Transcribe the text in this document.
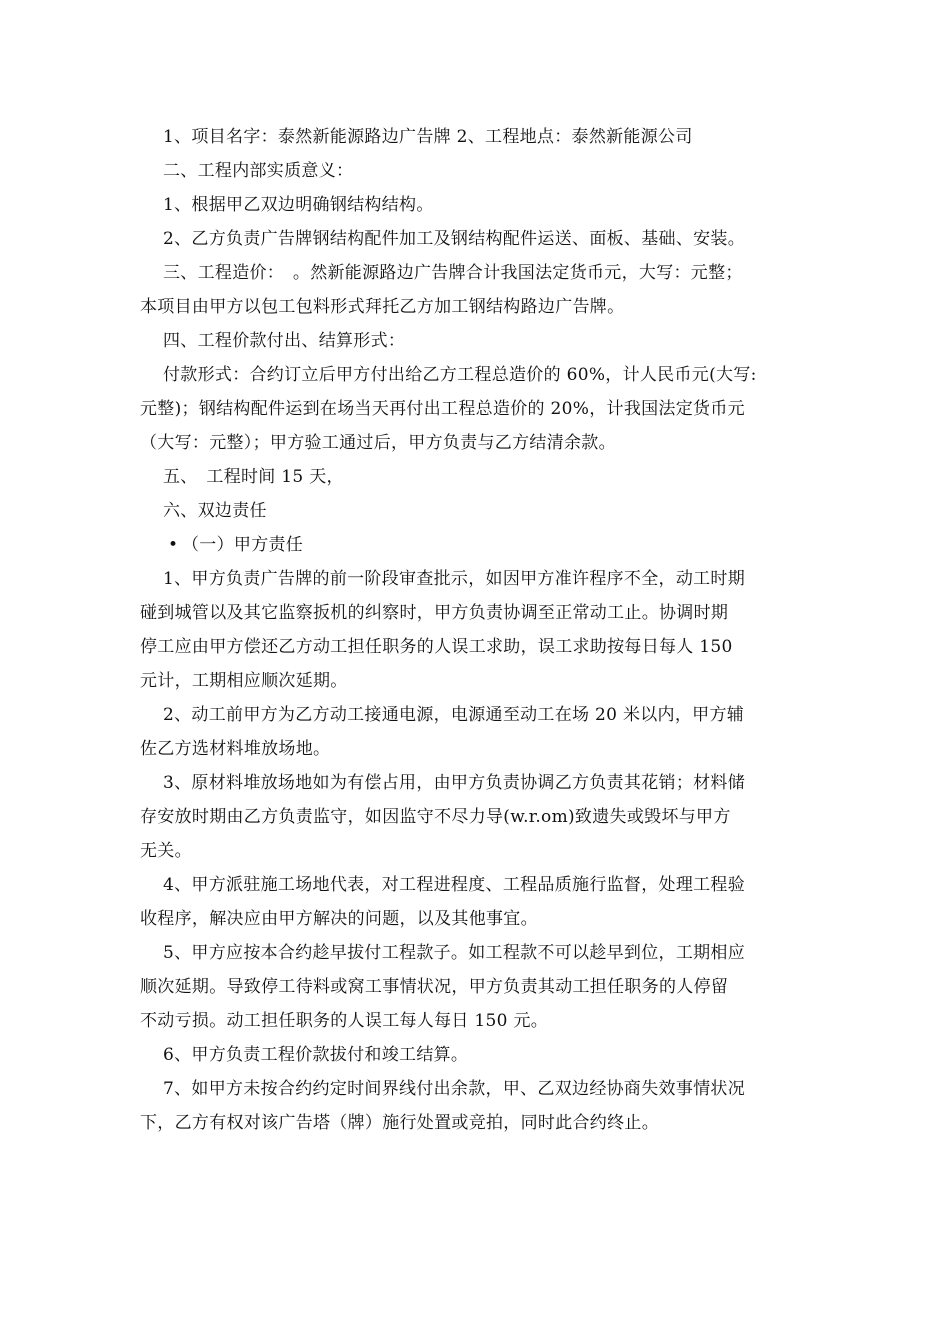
1、项目名字：泰然新能源路边广告牌 2、工程地点：泰然新能源公司

二、工程内部实质意义：

1、根据甲乙双边明确钢结构结构。

2、乙方负责广告牌钢结构配件加工及钢结构配件运送、面板、基础、安装。

三、工程造价：　。然新能源路边广告牌合计我国法定货币元，大写：元整；
本项目由甲方以包工包料形式拜托乙方加工钢结构路边广告牌。

四、工程价款付出、结算形式：

付款形式：合约订立后甲方付出给乙方工程总造价的 60%，计人民币元(大写:
元整)；钢结构配件运到在场当天再付出工程总造价的 20%，计我国法定货币元
（大写：元整）；甲方验工通过后，甲方负责与乙方结清余款。

五、　工程时间 15 天，

六、双边责任

• （一）甲方责任

1、甲方负责广告牌的前一阶段审查批示，如因甲方准许程序不全，动工时期
碰到城管以及其它监察扳机的纠察时，甲方负责协调至正常动工止。协调时期
停工应由甲方偿还乙方动工担任职务的人误工求助，误工求助按每日每人 150
元计，工期相应顺次延期。

2、动工前甲方为乙方动工接通电源，电源通至动工在场 20 米以内，甲方辅
佐乙方选材料堆放场地。

3、原材料堆放场地如为有偿占用，由甲方负责协调乙方负责其花销；材料储
存安放时期由乙方负责监守，如因监守不尽力导(w.r.om)致遗失或毁坏与甲方
无关。

4、甲方派驻施工场地代表，对工程进程度、工程品质施行监督，处理工程验
收程序，解决应由甲方解决的问题，以及其他事宜。

5、甲方应按本合约趁早拔付工程款子。如工程款不可以趁早到位，工期相应
顺次延期。导致停工待料或窝工事情状况，甲方负责其动工担任职务的人停留
不动亏损。动工担任职务的人误工每人每日 150 元。

6、甲方负责工程价款拔付和竣工结算。

7、如甲方未按合约约定时间界线付出余款，甲、乙双边经协商失效事情状况
下，乙方有权对该广告塔（牌）施行处置或竞拍，同时此合约终止。
